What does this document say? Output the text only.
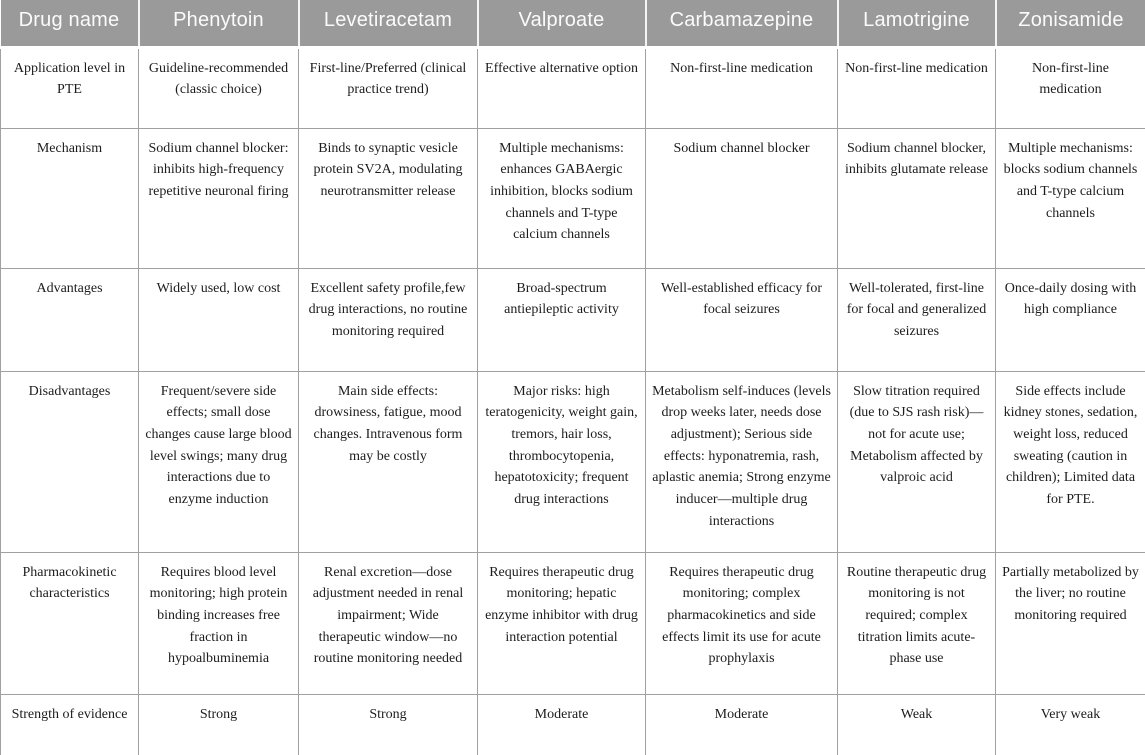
Drug name	Phenytoin	Levetiracetam	Valproate	Carbamazepine	Lamotrigine	Zonisamide
Application level in PTE	Guideline-recommended (classic choice)	First-line/Preferred (clinical practice trend)	Effective alternative option	Non-first-line medication	Non-first-line medication	Non-first-line medication
Mechanism	Sodium channel blocker: inhibits high-frequency repetitive neuronal firing	Binds to synaptic vesicle protein SV2A, modulating neurotransmitter release	Multiple mechanisms: enhances GABAergic inhibition, blocks sodium channels and T-type calcium channels	Sodium channel blocker	Sodium channel blocker, inhibits glutamate release	Multiple mechanisms: blocks sodium channels and T-type calcium channels
Advantages	Widely used, low cost	Excellent safety profile,few drug interactions, no routine monitoring required	Broad-spectrum antiepileptic activity	Well-established efficacy for focal seizures	Well-tolerated, first-line for focal and generalized seizures	Once-daily dosing with high compliance
Disadvantages	Frequent/severe side effects; small dose changes cause large blood level swings; many drug interactions due to enzyme induction	Main side effects: drowsiness, fatigue, mood changes. Intravenous form may be costly	Major risks: high teratogenicity, weight gain, tremors, hair loss, thrombocytopenia, hepatotoxicity; frequent drug interactions	Metabolism self-induces (levels drop weeks later, needs dose adjustment); Serious side effects: hyponatremia, rash, aplastic anemia; Strong enzyme inducer—multiple drug interactions	Slow titration required (due to SJS rash risk)—not for acute use; Metabolism affected by valproic acid	Side effects include kidney stones, sedation, weight loss, reduced sweating (caution in children); Limited data for PTE.
Pharmacokinetic characteristics	Requires blood level monitoring; high protein binding increases free fraction in hypoalbuminemia	Renal excretion—dose adjustment needed in renal impairment; Wide therapeutic window—no routine monitoring needed	Requires therapeutic drug monitoring; hepatic enzyme inhibitor with drug interaction potential	Requires therapeutic drug monitoring; complex pharmacokinetics and side effects limit its use for acute prophylaxis	Routine therapeutic drug monitoring is not required; complex titration limits acute-phase use	Partially metabolized by the liver; no routine monitoring required
Strength of evidence	Strong	Strong	Moderate	Moderate	Weak	Very weak
